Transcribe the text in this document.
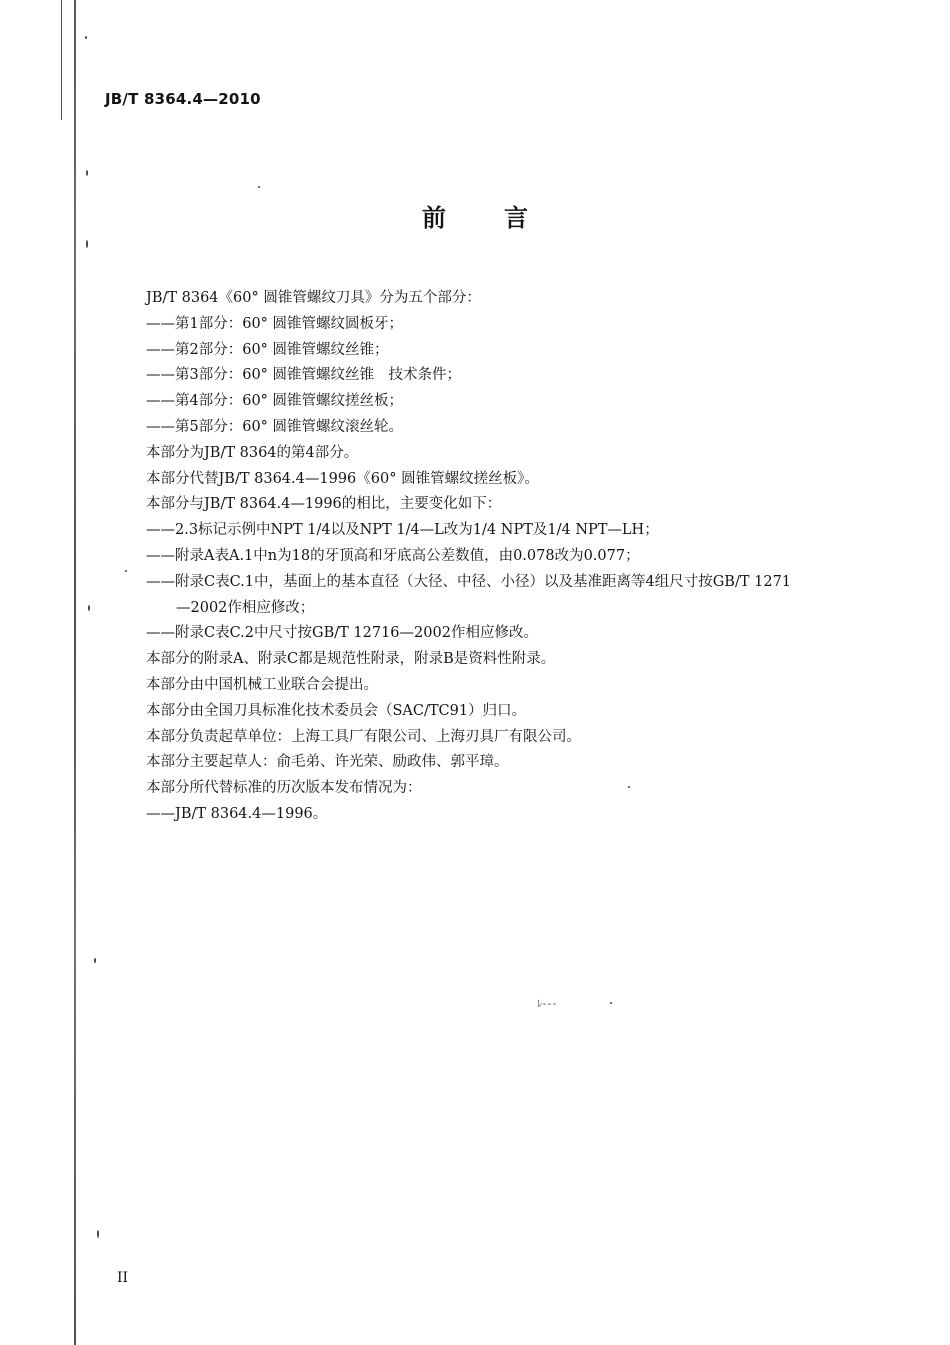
ﾚ---
JB/T 8364.4—2010
前 言
JB/T 8364《60° 圆锥管螺纹刀具》分为五个部分：
——第1部分：60° 圆锥管螺纹圆板牙；
——第2部分：60° 圆锥管螺纹丝锥；
——第3部分：60° 圆锥管螺纹丝锥　技术条件；
——第4部分：60° 圆锥管螺纹搓丝板；
——第5部分：60° 圆锥管螺纹滚丝轮。
本部分为JB/T 8364的第4部分。
本部分代替JB/T 8364.4—1996《60° 圆锥管螺纹搓丝板》。
本部分与JB/T 8364.4—1996的相比，主要变化如下：
——2.3标记示例中NPT 1/4以及NPT 1/4—L改为1/4 NPT及1/4 NPT—LH；
——附录A表A.1中n为18的牙顶高和牙底高公差数值，由0.078改为0.077；
——附录C表C.1中，基面上的基本直径（大径、中径、小径）以及基准距离等4组尺寸按GB/T 1271
—2002作相应修改；
——附录C表C.2中尺寸按GB/T 12716—2002作相应修改。
本部分的附录A、附录C都是规范性附录，附录B是资料性附录。
本部分由中国机械工业联合会提出。
本部分由全国刀具标准化技术委员会（SAC/TC91）归口。
本部分负责起草单位：上海工具厂有限公司、上海刃具厂有限公司。
本部分主要起草人：俞毛弟、许光荣、励政伟、郭平璋。
本部分所代替标准的历次版本发布情况为：
——JB/T 8364.4—1996。
II
